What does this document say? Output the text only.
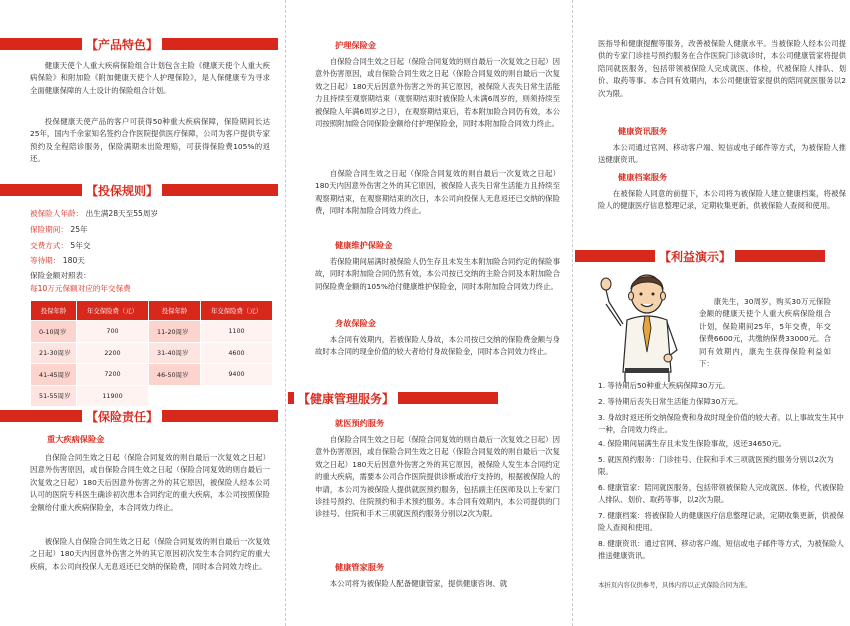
【产品特色】
健康天使个人重大疾病保险组合计划包含主险《健康天使个人重大疾病保险》和附加险《附加健康天使个人护理保险》，是人保健康专为寻求全面健康保障的人士设计的保险组合计划。
投保健康天使产品的客户可获得50种重大疾病保障，保险期间长达25年，国内千余家知名签约合作医院提供医疗保障，公司为客户提供专家预约及全程陪诊服务，保险满期未出险理赔，可获得保险费105%的返还。
【投保规则】
被保险人年龄： 出生满28天至55周岁
保险期间： 25年
交费方式： 5年交
等待期： 180天
保险金额对照表：
每10万元保额对应的年交保费
投保年龄	年交保险费（元）	投保年龄	年交保险费（元）
0-10周岁	700	11-20周岁	1100
21-30周岁	2200	31-40周岁	4600
41-45周岁	7200	46-50周岁	9400
51-55周岁	11900		
【保险责任】
重大疾病保险金
自保险合同生效之日起（保险合同复效的则自最后一次复效之日起）因意外伤害原因，或自保险合同生效之日起（保险合同复效的则自最后一次复效之日起）180天后因意外伤害之外的其它原因，被保险人经本公司认可的医院专科医生确诊初次患本合同约定的重大疾病，本公司按照保险金额给付重大疾病保险金，本合同效力终止。
被保险人自保险合同生效之日起（保险合同复效的则自最后一次复效之日起）180天内因意外伤害之外的其它原因初次发生本合同约定的重大疾病，本公司向投保人无息返还已交纳的保险费，同时本合同效力终止。
护理保险金
自保险合同生效之日起（保险合同复效的则自最后一次复效之日起）因意外伤害原因，或自保险合同生效之日起（保险合同复效的则自最后一次复效之日起）180天后因意外伤害之外的其它原因，被保险人丧失日常生活能力且持续至观察期结束（观察期结束时被保险人未满6周岁的，则须持续至被保险人年满6周岁之日），在观察期结束后，若本附加险合同仍有效，本公司按照附加险合同保险金额给付护理保险金，同时本附加险合同效力终止。
自保险合同生效之日起（保险合同复效的则自最后一次复效之日起）180天内因意外伤害之外的其它原因，被保险人丧失日常生活能力且持续至观察期结束，在观察期结束的次日，本公司向投保人无息返还已交纳的保险费，同时本附加险合同效力终止。
健康维护保险金
若保险期间届满时被保险人仍生存且未发生本附加险合同约定的保险事故，同时本附加险合同仍然有效，本公司按已交纳的主险合同及本附加险合同保险费金额的105%给付健康维护保险金，同时本附加险合同效力终止。
身故保险金
本合同有效期内，若被保险人身故，本公司按已交纳的保险费金额与身故时本合同的现金价值的较大者给付身故保险金，同时本合同效力终止。
【健康管理服务】
就医预约服务
自保险合同生效之日起（保险合同复效的则自最后一次复效之日起）因意外伤害原因，或自保险合同生效之日起（保险合同复效的则自最后一次复效之日起）180天后因意外伤害之外的其它原因，被保险人发生本合同约定的重大疾病，需要本公司合作医院提供诊断或治疗支持的，根据被保险人的申请，本公司为被保险人提供就医预约服务，包括副主任医师及以上专家门诊挂号预约、住院预约和手术预约服务。本合同有效期内，本公司提供的门诊挂号、住院和手术三项就医预约服务分别以2次为限。
健康管家服务
本公司将为被保险人配备健康管家，提供健康咨询、就
医指导和健康提醒等服务，改善被保险人健康水平。当被保险人经本公司提供的专家门诊挂号预约服务在合作医院门诊就诊时，本公司健康管家将提供陪同就医服务，包括带领被保险人完成就医、体检，代被保险人排队、划价、取药等事。本合同有效期内，本公司健康管家提供的陪同就医服务以2次为限。
健康资讯服务
本公司通过官网、移动客户端、短信或电子邮件等方式，为被保险人推送健康资讯。
健康档案服务
在被保险人同意的前提下，本公司将为被保险人建立健康档案，将被保险人的健康医疗信息整理记录，定期收集更新，供被保险人查阅和使用。
【利益演示】
康先生，30周岁，购买30万元保险金额的健康天使个人重大疾病保险组合计划，保险期间25年，5年交费，年交保费6600元，共缴纳保费33000元。合同有效期内，康先生获得保险利益如下：
1. 等待期后50种重大疾病保障30万元。
2. 等待期后丧失日常生活能力保障30万元。
3. 身故时返还所交纳保险费和身故时现金价值的较大者。以上事故发生其中一种，合同效力终止。
4. 保险期间届满生存且未发生保险事故，返还34650元。
5. 就医预约服务：门诊挂号、住院和手术三项就医预约服务分别以2次为限。
6. 健康管家：陪同就医服务，包括带领被保险人完成就医、体检，代被保险人排队、划价、取药等事，以2次为限。
7. 健康档案：将被保险人的健康医疗信息整理记录，定期收集更新，供被保险人查阅和使用。
8. 健康资讯：通过官网、移动客户端、短信或电子邮件等方式，为被保险人推送健康资讯。
本折页内容仅供参考，具体内容以正式保险合同为准。
